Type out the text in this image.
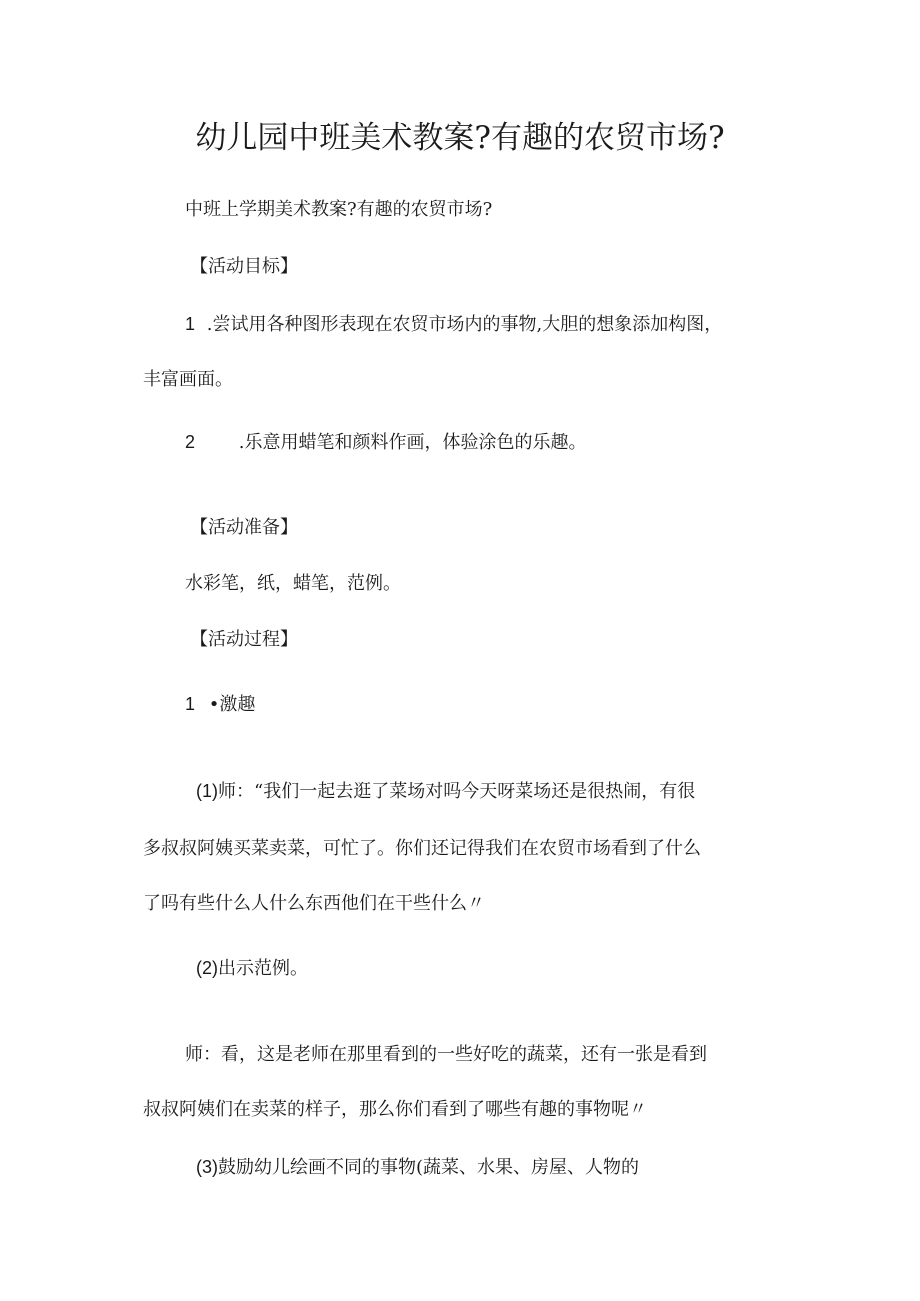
幼儿园中班美术教案?有趣的农贸市场?
中班上学期美术教案?有趣的农贸市场?
【活动目标】
1 .尝试用各种图形表现在农贸市场内的事物,大胆的想象添加构图，
丰富画面。
2 .乐意用蜡笔和颜料作画，体验涂色的乐趣。
【活动准备】
水彩笔，纸，蜡笔，范例。
【活动过程】
1 •激趣
(1)师：“我们一起去逛了菜场对吗今天呀菜场还是很热闹，有很
多叔叔阿姨买菜卖菜，可忙了。你们还记得我们在农贸市场看到了什么
了吗有些什么人什么东西他们在干些什么〃
(2)出示范例。
师：看，这是老师在那里看到的一些好吃的蔬菜，还有一张是看到
叔叔阿姨们在卖菜的样子，那么你们看到了哪些有趣的事物呢〃
(3)鼓励幼儿绘画不同的事物(蔬菜、水果、房屋、人物的
